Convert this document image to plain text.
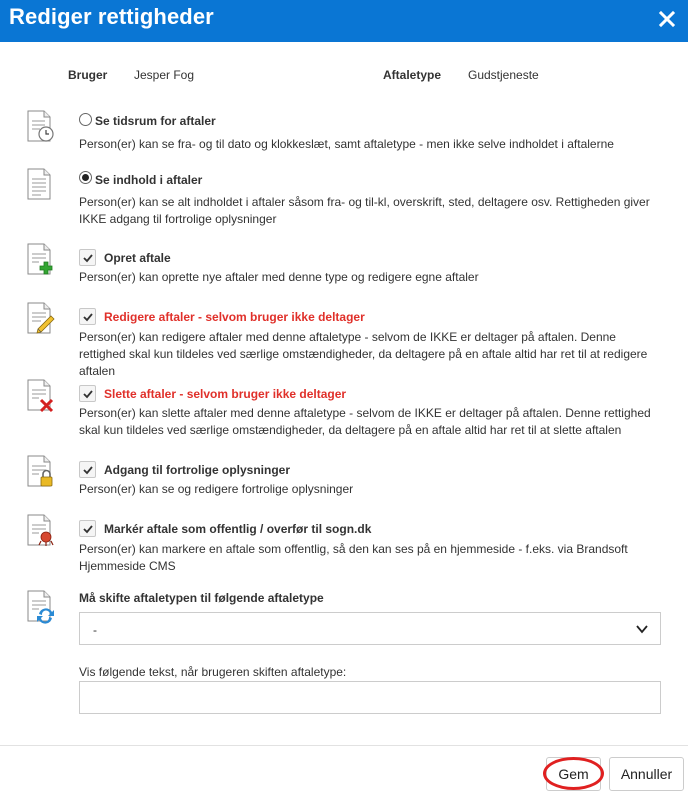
Rediger rettigheder
Bruger Jesper Fog	Aftaletype Gudstjeneste
Se tidsrum for aftaler
Person(er) kan se fra- og til dato og klokkeslæt, samt aftaletype - men ikke selve indholdet i aftalerne
Se indhold i aftaler
Person(er) kan se alt indholdet i aftaler såsom fra- og til-kl, overskrift, sted, deltagere osv. Rettigheden giver IKKE adgang til fortrolige oplysninger
Opret aftale
Person(er) kan oprette nye aftaler med denne type og redigere egne aftaler
Redigere aftaler - selvom bruger ikke deltager
Person(er) kan redigere aftaler med denne aftaletype - selvom de IKKE er deltager på aftalen. Denne rettighed skal kun tildeles ved særlige omstændigheder, da deltagere på en aftale altid har ret til at redigere aftalen
Slette aftaler - selvom bruger ikke deltager
Person(er) kan slette aftaler med denne aftaletype - selvom de IKKE er deltager på aftalen. Denne rettighed skal kun tildeles ved særlige omstændigheder, da deltagere på en aftale altid har ret til at slette aftalen
Adgang til fortrolige oplysninger
Person(er) kan se og redigere fortrolige oplysninger
Markér aftale som offentlig / overfør til sogn.dk
Person(er) kan markere en aftale som offentlig, så den kan ses på en hjemmeside - f.eks. via Brandsoft Hjemmeside CMS
Må skifte aftaletypen til følgende aftaletype
-
Vis følgende tekst, når brugeren skiften aftaletype:
Gem	Annuller
